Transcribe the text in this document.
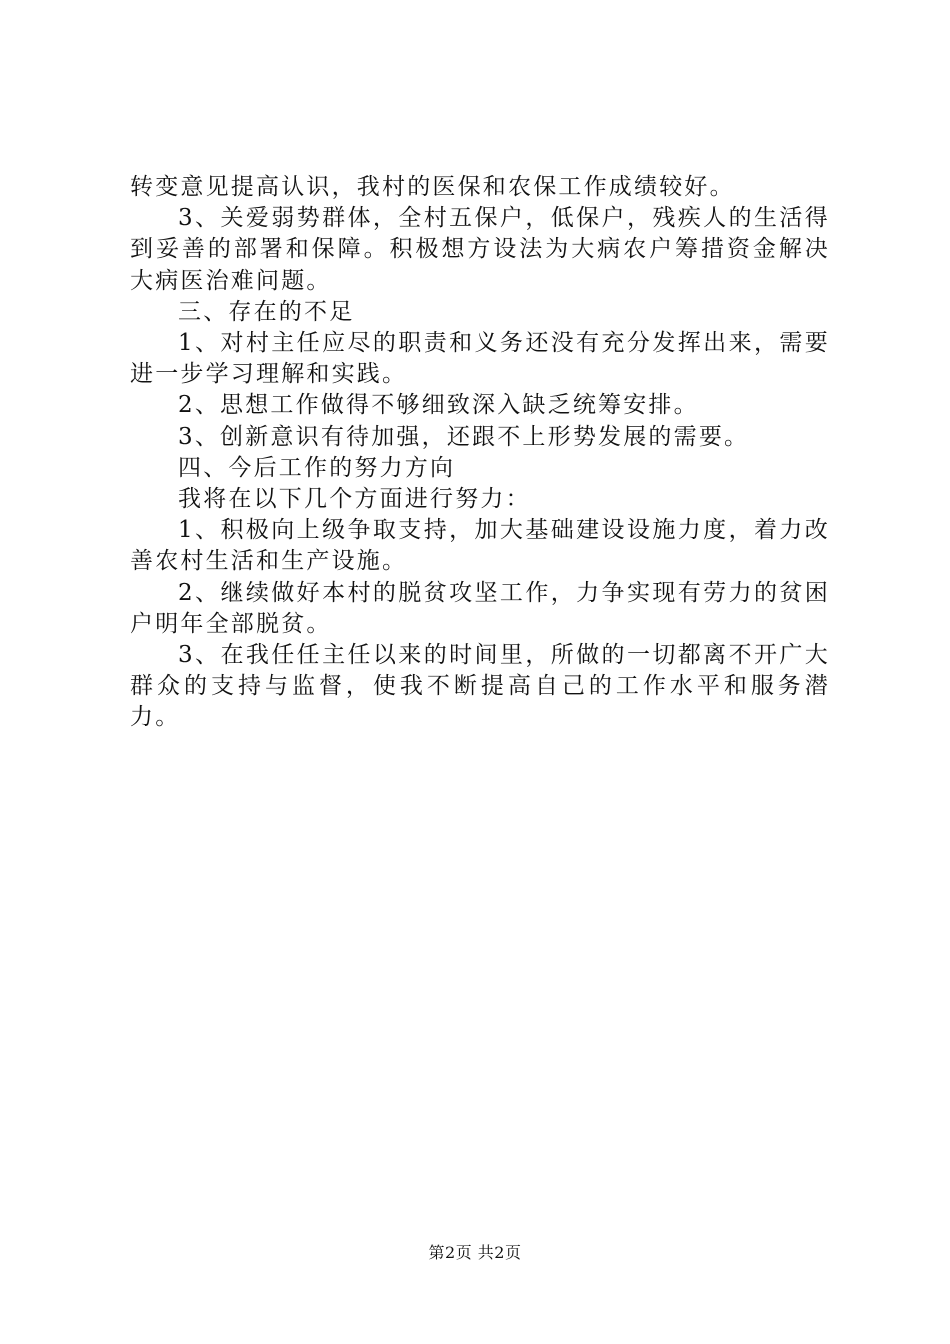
转变意见提高认识，我村的医保和农保工作成绩较好。

3、关爱弱势群体，全村五保户，低保户，残疾人的生活得到妥善的部署和保障。积极想方设法为大病农户筹措资金解决大病医治难问题。

三、存在的不足

1、对村主任应尽的职责和义务还没有充分发挥出来，需要进一步学习理解和实践。

2、思想工作做得不够细致深入缺乏统筹安排。

3、创新意识有待加强，还跟不上形势发展的需要。

四、今后工作的努力方向

我将在以下几个方面进行努力：

1、积极向上级争取支持，加大基础建设设施力度，着力改善农村生活和生产设施。

2、继续做好本村的脱贫攻坚工作，力争实现有劳力的贫困户明年全部脱贫。

3、在我任任主任以来的时间里，所做的一切都离不开广大群众的支持与监督，使我不断提高自己的工作水平和服务潜力。

第2页 共2页
